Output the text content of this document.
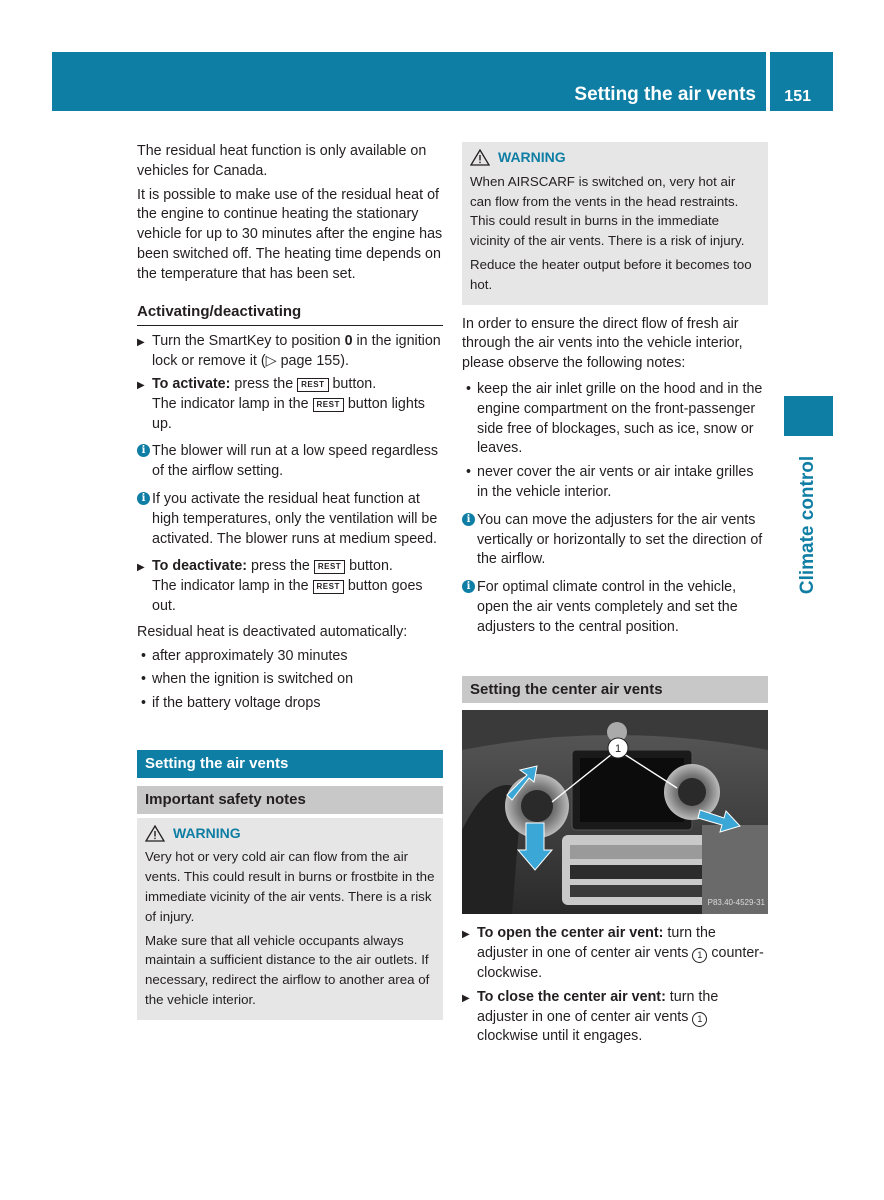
Setting the air vents 151
Climate control

The residual heat function is only available on vehicles for Canada.

It is possible to make use of the residual heat of the engine to continue heating the stationary vehicle for up to 30 minutes after the engine has been switched off. The heating time depends on the temperature that has been set.

Activating/deactivating
▶ Turn the SmartKey to position 0 in the ignition lock or remove it (▷ page 155).
▶ To activate: press the REST button.
The indicator lamp in the REST button lights up.
i The blower will run at a low speed regardless of the airflow setting.
i If you activate the residual heat function at high temperatures, only the ventilation will be activated. The blower runs at medium speed.
▶ To deactivate: press the REST button.
The indicator lamp in the REST button goes out.

Residual heat is deactivated automatically:

• after approximately 30 minutes
• when the ignition is switched on
• if the battery voltage drops
Setting the air vents
Important safety notes
WARNING

Very hot or very cold air can flow from the air vents. This could result in burns or frostbite in the immediate vicinity of the air vents. There is a risk of injury.

Make sure that all vehicle occupants always maintain a sufficient distance to the air outlets. If necessary, redirect the airflow to another area of the vehicle interior.

WARNING

When AIRSCARF is switched on, very hot air can flow from the vents in the head restraints. This could result in burns in the immediate vicinity of the air vents. There is a risk of injury.

Reduce the heater output before it becomes too hot.

In order to ensure the direct flow of fresh air through the air vents into the vehicle interior, please observe the following notes:

• keep the air inlet grille on the hood and in the engine compartment on the front-passenger side free of blockages, such as ice, snow or leaves.
• never cover the air vents or air intake grilles in the vehicle interior.
i You can move the adjusters for the air vents vertically or horizontally to set the direction of the airflow.
i For optimal climate control in the vehicle, open the air vents completely and set the adjusters to the central position.
Setting the center air vents
1
P83.40-4529-31
▶ To open the center air vent: turn the adjuster in one of center air vents 1 counter-clockwise.
▶ To close the center air vent: turn the adjuster in one of center air vents 1 clockwise until it engages.
